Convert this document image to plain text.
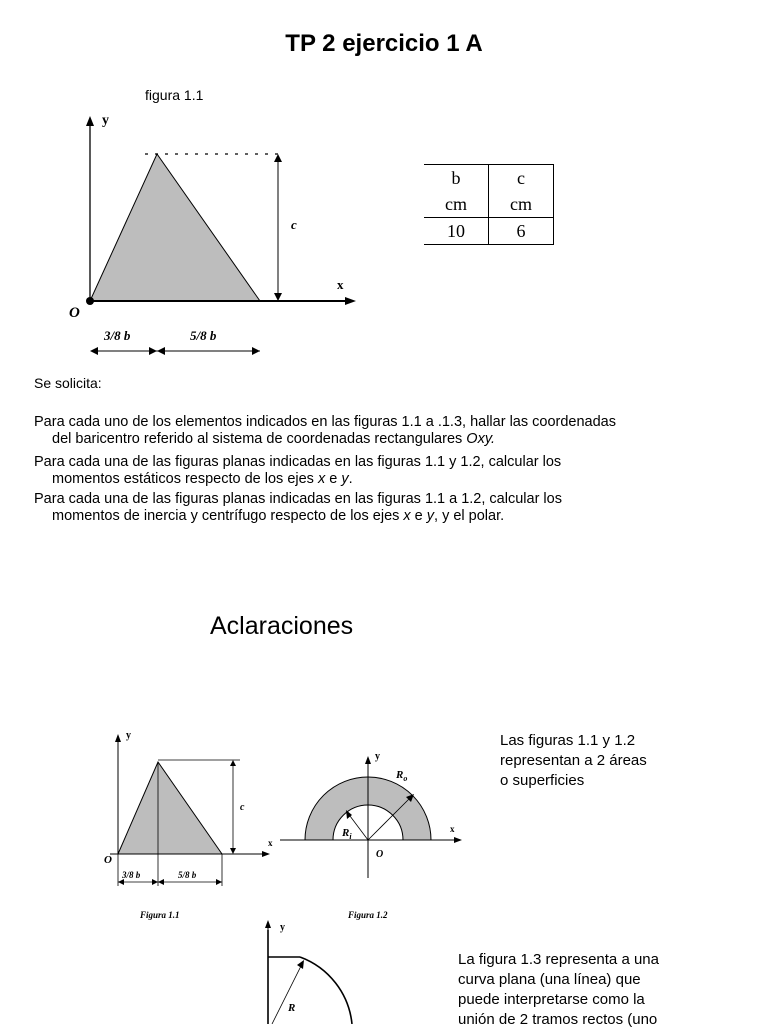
TP 2 ejercicio 1 A
figura 1.1
y
x
O
c
3/8 b	5/8 b
b	c
cm	cm
10	6
Se solicita:
Para cada uno de los elementos indicados en las figuras 1.1 a .1.3, hallar las coordenadas
del baricentro referido al sistema de coordenadas rectangulares Oxy.
Para cada una de las figuras planas indicadas en las figuras 1.1 y 1.2, calcular los
momentos estáticos respecto de los ejes x e y.
Para cada una de las figuras planas indicadas en las figuras 1.1 a 1.2, calcular los
momentos de inercia y centrífugo respecto de los ejes x e y, y el polar.
Aclaraciones
y
x
O
c
3/8 b	5/8 b
Figura 1.1
y
x
O
$R_o$
$R_i$
Figura 1.2
y
R
Las figuras 1.1 y 1.2
representan a 2 áreas
o superficies
La figura 1.3 representa a una
curva plana (una línea) que
puede interpretarse como la
unión de 2 tramos rectos (uno
